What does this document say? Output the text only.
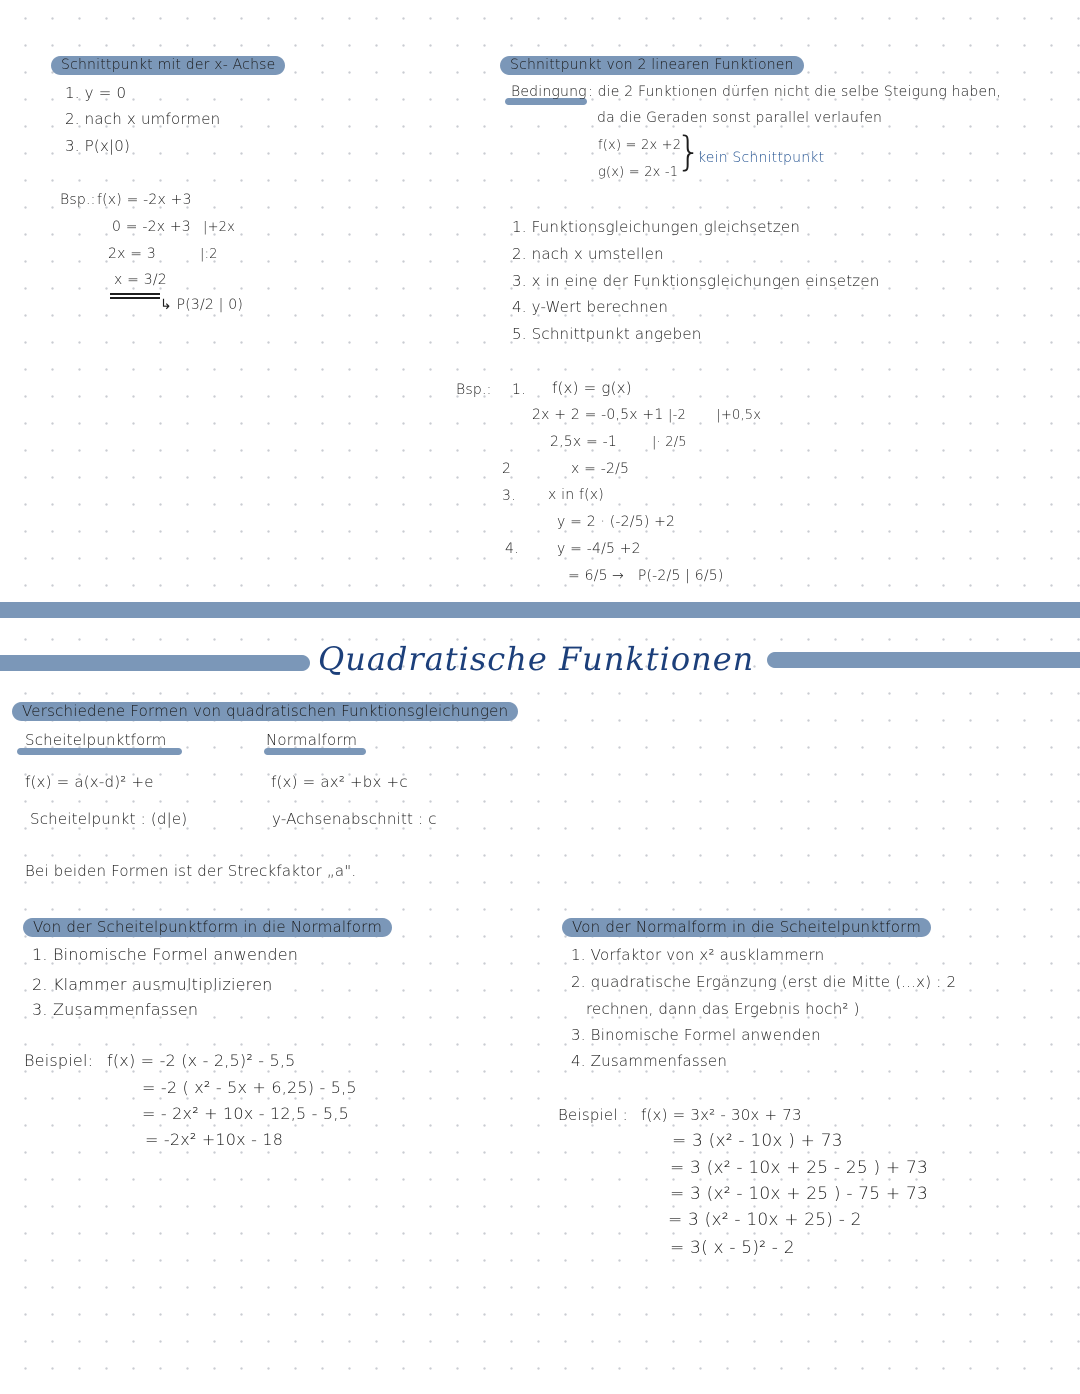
Schnittpunkt mit der x- Achse
1. y = 0
2. nach x umformen
3. P(x|0)
Bsp.: f(x) = -2x +3
0 = -2x +3 |+2x
2x = 3	|:2
x = 3/2
↳ P(3/2 | 0)
Schnittpunkt von 2 linearen Funktionen
Bedingung : die 2 Funktionen dürfen nicht die selbe Steigung haben,
da die Geraden sonst parallel verlaufen
f(x) = 2x +2
g(x) = 2x -1
}
kein Schnittpunkt
1. Funktionsgleichungen gleichsetzen
2. nach x umstellen
3. x in eine der Funktionsgleichungen einsetzen
4. y-Wert berechnen
5. Schnittpunkt angeben
Bsp.: 1. f(x) = g(x)
2x + 2 = -0,5x +1 |-2       |+0,5x
2,5x = -1	|· 2/5
2	x = -2/5
3. x in f(x)
y = 2 · (-2/5) +2
4.	y = -4/5 +2
= 6/5 →   P(-2/5 | 6/5)
Quadratische Funktionen
Verschiedene Formen von quadratischen Funktionsgleichungen
Scheitelpunktform	Normalform
f(x) = a(x-d)² +e	f(x) = ax² +bx +c
Scheitelpunkt : (d|e)	y-Achsenabschnitt : c
Bei beiden Formen ist der Streckfaktor „a".
Von der Scheitelpunktform in die Normalform
1. Binomische Formel anwenden
2. Klammer ausmultiplizieren
3. Zusammenfassen
Beispiel: f(x) = -2 (x - 2,5)² - 5,5
= -2 ( x² - 5x + 6,25) - 5,5
= - 2x² + 10x - 12,5 - 5,5
= -2x² +10x - 18
Von der Normalform in die Scheitelpunktform
1. Vorfaktor von x² ausklammern
2. quadratische Ergänzung (erst die Mitte (...x) : 2
rechnen, dann das Ergebnis hoch² )
3. Binomische Formel anwenden
4. Zusammenfassen
Beispiel : f(x) = 3x² - 30x + 73
= 3 (x² - 10x ) + 73
= 3 (x² - 10x + 25 - 25 ) + 73
= 3 (x² - 10x + 25 ) - 75 + 73
= 3 (x² - 10x + 25) - 2
= 3( x - 5)² - 2
